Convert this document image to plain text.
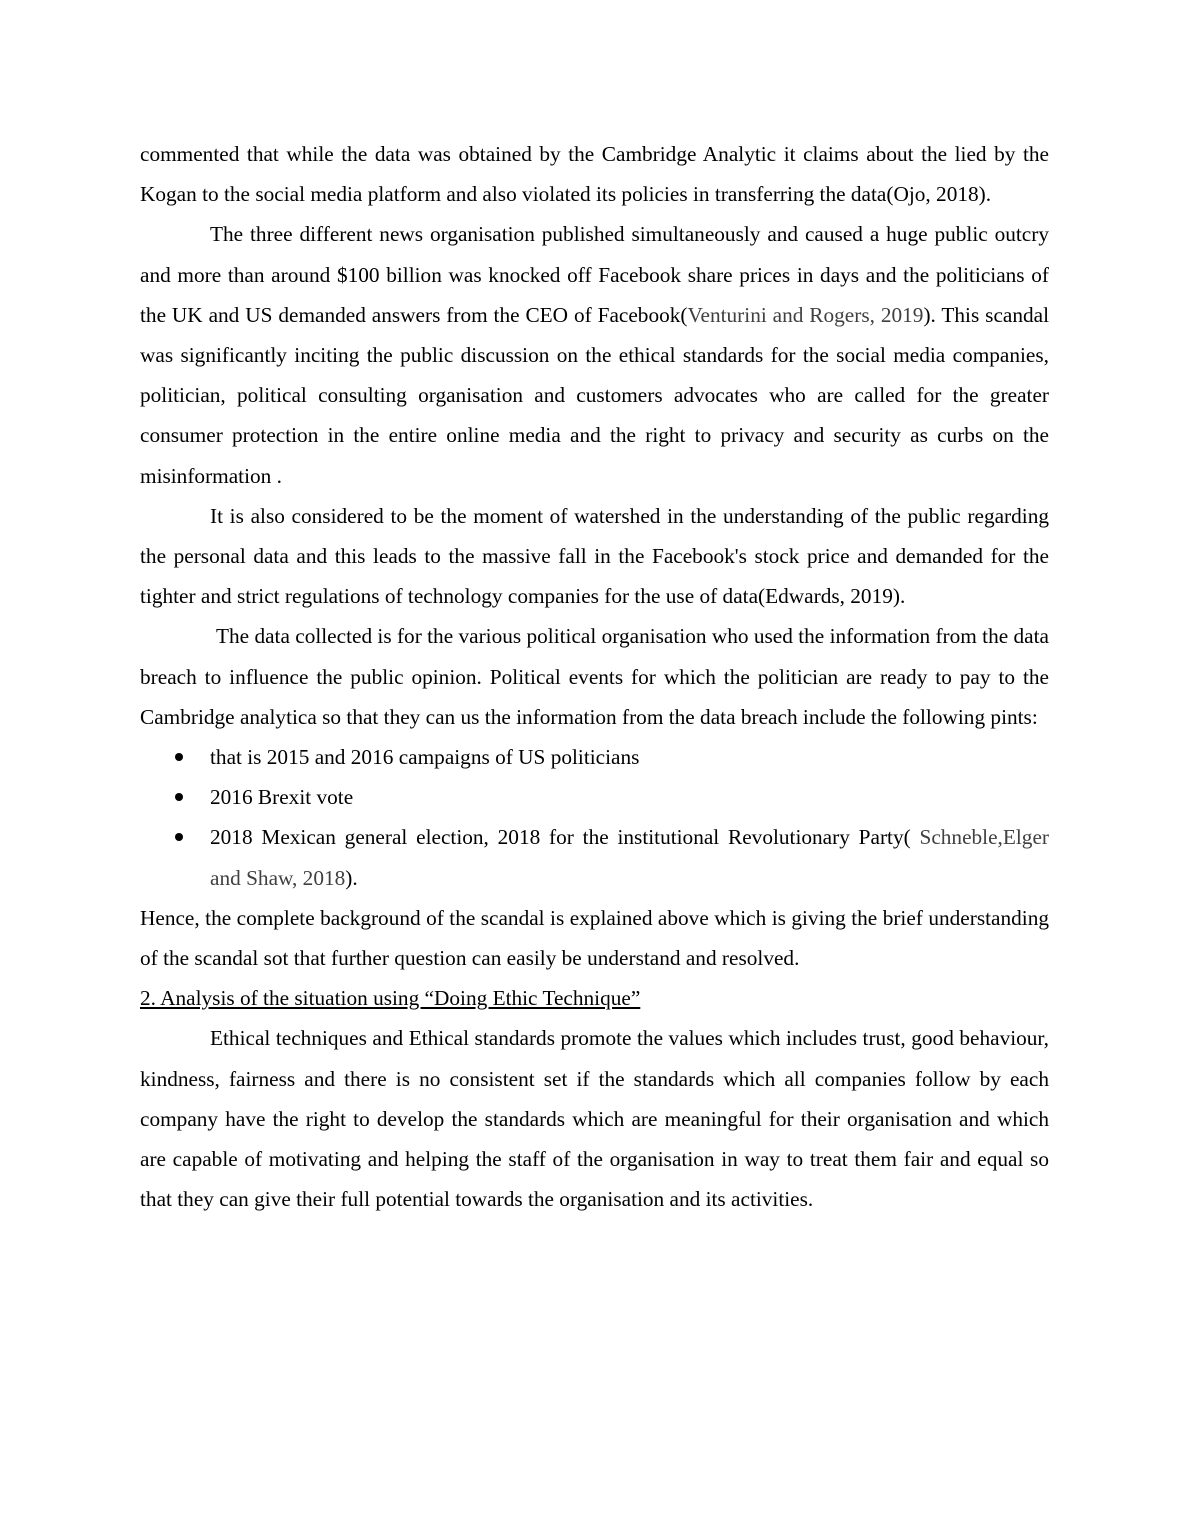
commented that while the data was obtained by the Cambridge Analytic it claims about the lied by the Kogan to the social media platform and also violated its policies in transferring the data(Ojo, 2018).

The three different news organisation published simultaneously and caused a huge public outcry and more than around $100 billion was knocked off Facebook share prices in days and the politicians of the UK and US demanded answers from the CEO of Facebook(Venturini and Rogers, 2019). This scandal was significantly inciting the public discussion on the ethical standards for the social media companies, politician, political consulting organisation and customers advocates who are called for the greater consumer protection in the entire online media and the right to privacy and security as curbs on the misinformation .

It is also considered to be the moment of watershed in the understanding of the public regarding the personal data and this leads to the massive fall in the Facebook's stock price and demanded for the tighter and strict regulations of technology companies for the use of data(Edwards, 2019).

The data collected is for the various political organisation who used the information from the data breach to influence the public opinion. Political events for which the politician are ready to pay to the Cambridge analytica so that they can us the information from the data breach include the following pints:

that is 2015 and 2016 campaigns of US politicians
2016 Brexit vote
2018 Mexican general election, 2018 for the institutional Revolutionary Party( Schneble,Elger and Shaw, 2018).

Hence, the complete background of the scandal is explained above which is giving the brief understanding of the scandal sot that further question can easily be understand and resolved.

2. Analysis of the situation using “Doing Ethic Technique”

Ethical techniques and Ethical standards promote the values which includes trust, good behaviour, kindness, fairness and there is no consistent set if the standards which all companies follow by each company have the right to develop the standards which are meaningful for their organisation and which are capable of motivating and helping the staff of the organisation in way to treat them fair and equal so that they can give their full potential towards the organisation and its activities.
